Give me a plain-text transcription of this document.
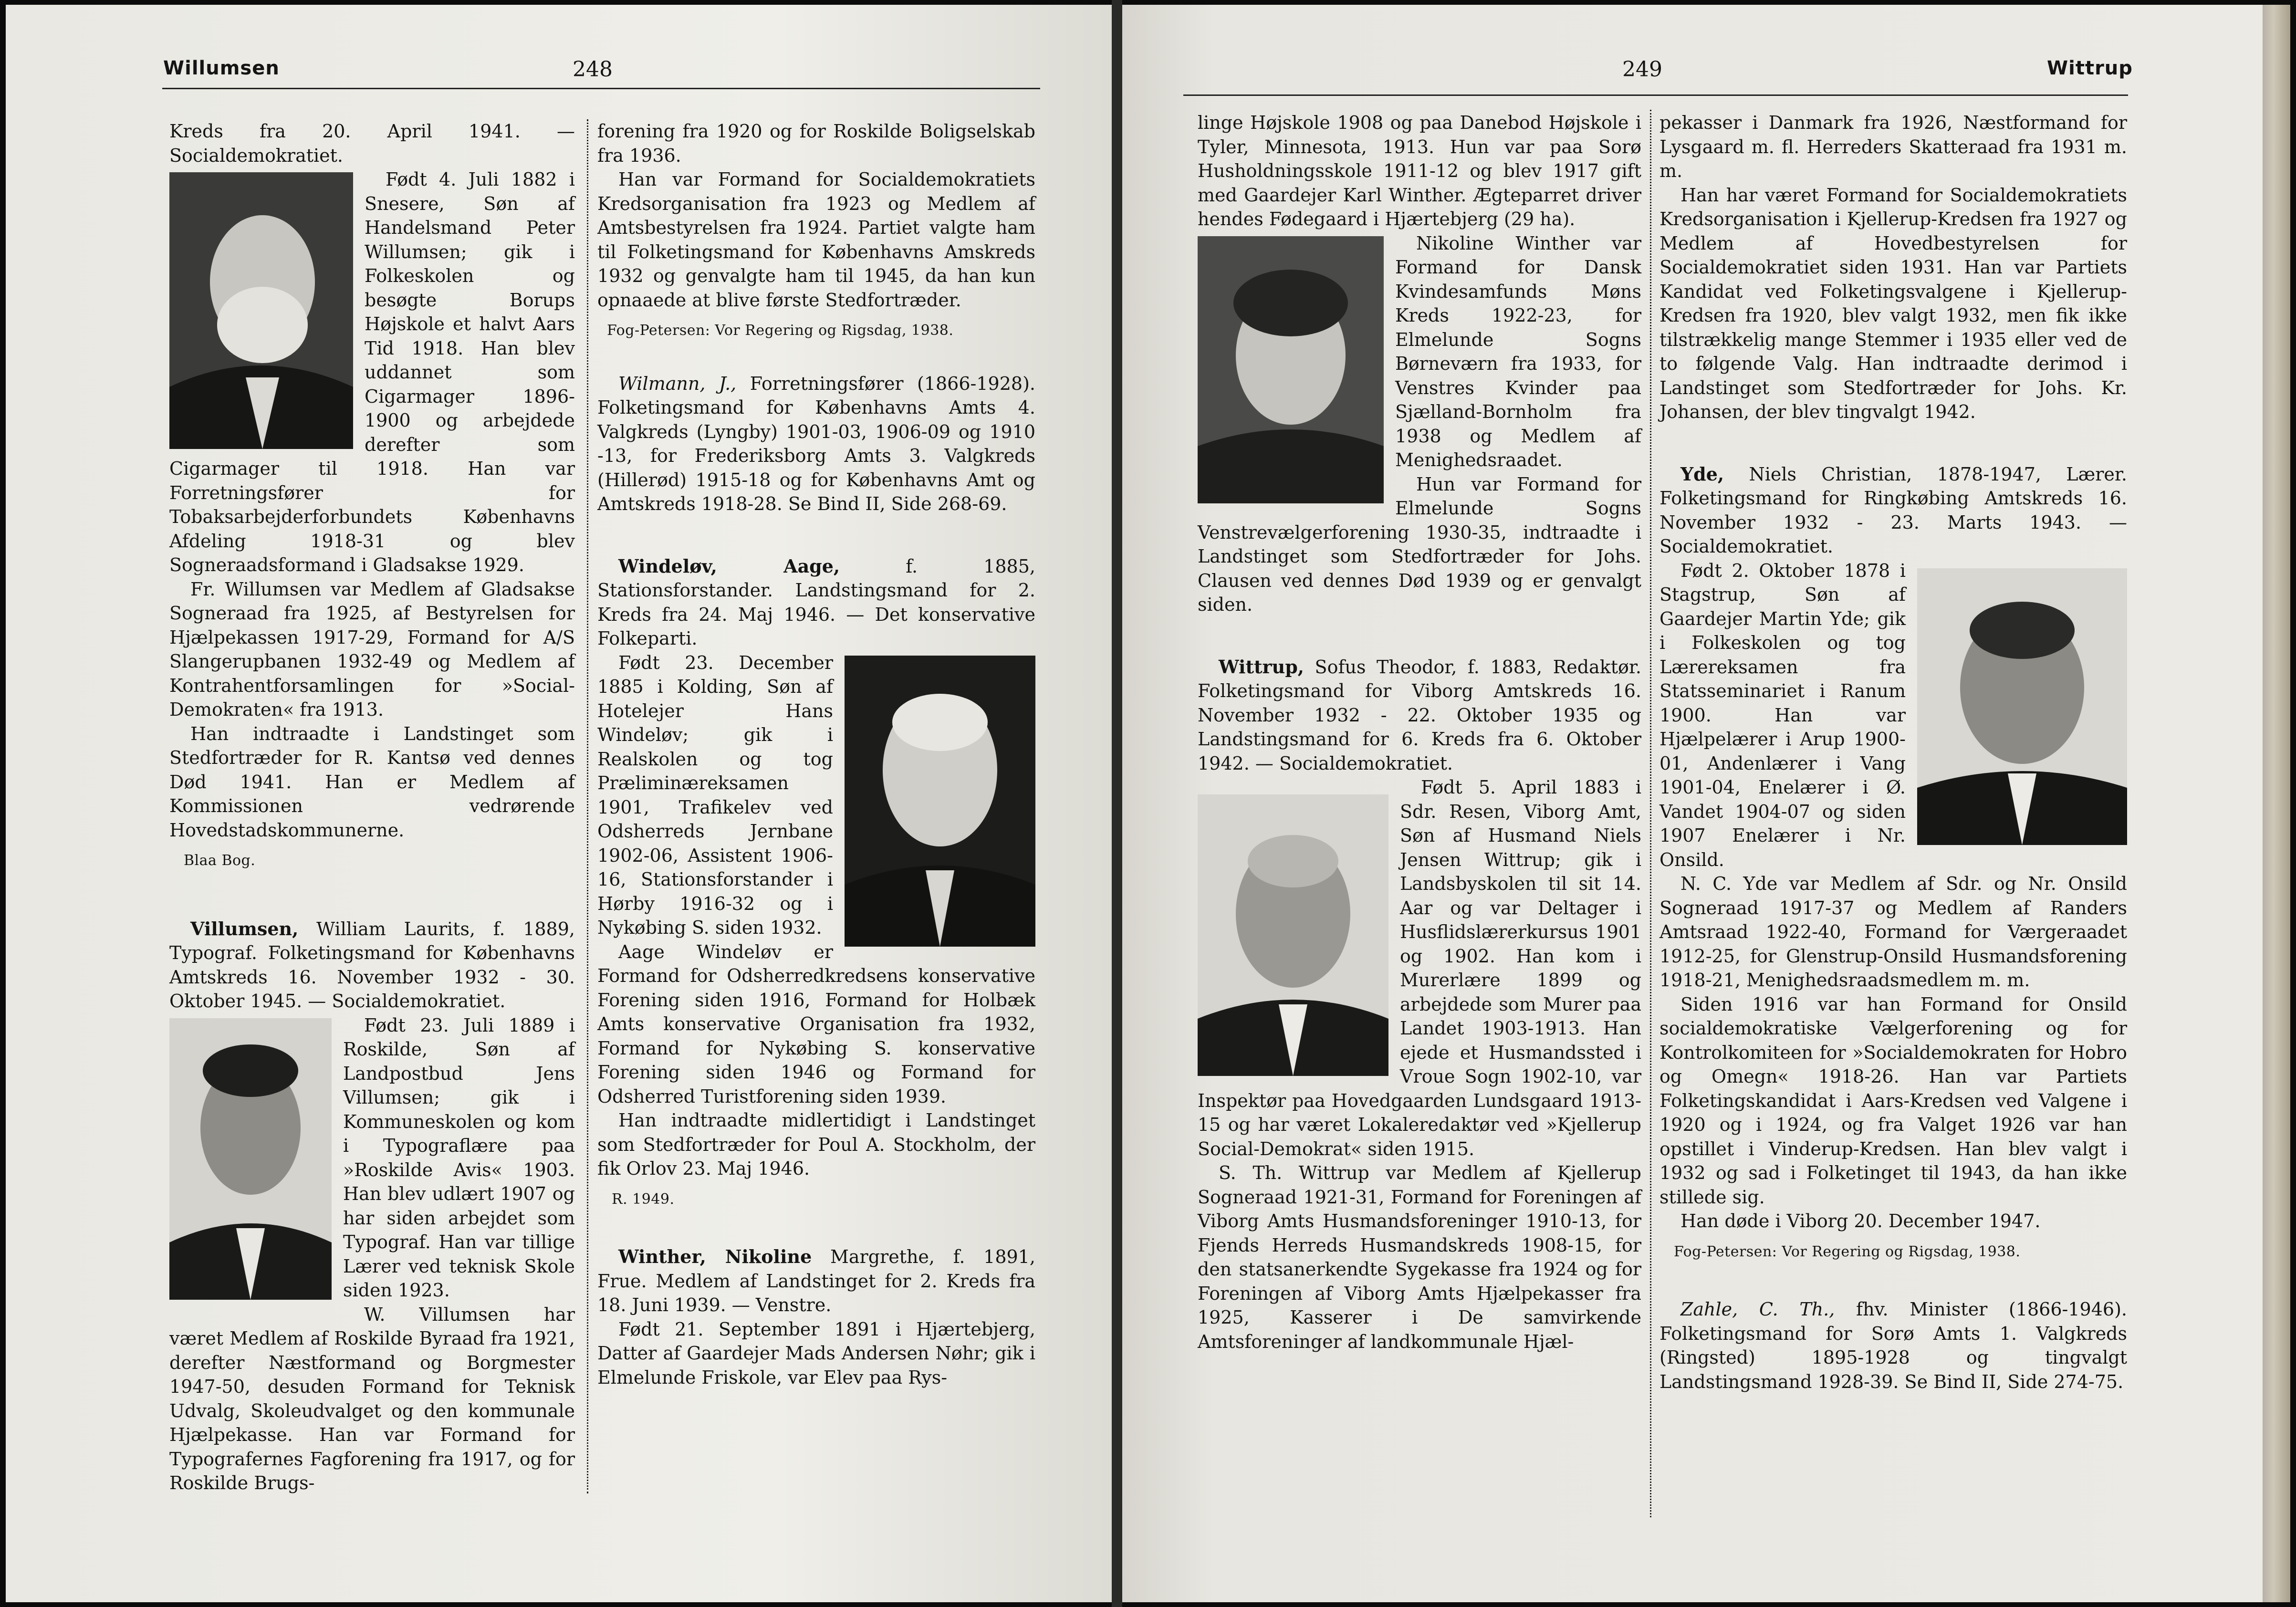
Willumsen	248

Kreds fra 20. April 1941. — Socialdemokratiet.

Født 4. Juli 1882 i Snesere, Søn af Handelsmand Peter Willumsen; gik i Folkeskolen og besøgte Borups Højskole et halvt Aars Tid 1918. Han blev uddannet som Cigarmager 1896-1900 og arbejdede derefter som Cigarmager til 1918. Han var Forretningsfører for Tobaksarbejderforbundets Københavns Afdeling 1918-31 og blev Sogneraadsformand i Gladsakse 1929.

Fr. Willumsen var Medlem af Gladsakse Sogneraad fra 1925, af Bestyrelsen for Hjælpekassen 1917-29, Formand for A/S Slangerupbanen 1932-49 og Medlem af Kontrahentforsamlingen for »Social-Demokraten« fra 1913.

Han indtraadte i Landstinget som Stedfortræder for R. Kantsø ved dennes Død 1941. Han er Medlem af Kommissionen vedrørende Hovedstadskommunerne.

Blaa Bog.

Villumsen, William Laurits, f. 1889, Typograf. Folketingsmand for Københavns Amtskreds 16. November 1932 - 30. Oktober 1945. — Socialdemokratiet.

Født 23. Juli 1889 i Roskilde, Søn af Landpostbud Jens Villumsen; gik i Kommuneskolen og kom i Typograflære paa »Roskilde Avis« 1903. Han blev udlært 1907 og har siden arbejdet som Typograf. Han var tillige Lærer ved teknisk Skole siden 1923.

W. Villumsen har været Medlem af Roskilde Byraad fra 1921, derefter Næstformand og Borgmester 1947-50, desuden Formand for Teknisk Udvalg, Skoleudvalget og den kommunale Hjælpekasse. Han var Formand for Typografernes Fagforening fra 1917, og for Roskilde Brugs-

forening fra 1920 og for Roskilde Boligselskab fra 1936.

Han var Formand for Socialdemokratiets Kredsorganisation fra 1923 og Medlem af Amtsbestyrelsen fra 1924. Partiet valgte ham til Folketingsmand for Københavns Amskreds 1932 og genvalgte ham til 1945, da han kun opnaaede at blive første Stedfortræder.

Fog-Petersen: Vor Regering og Rigsdag, 1938.

Wilmann, J., Forretningsfører (1866-1928). Folketingsmand for Københavns Amts 4. Valgkreds (Lyngby) 1901-03, 1906-09 og 1910 -13, for Frederiksborg Amts 3. Valgkreds (Hillerød) 1915-18 og for Københavns Amt og Amtskreds 1918-28. Se Bind II, Side 268-69.

Windeløv, Aage,	f. 1885, Stationsforstander. Landstingsmand for 2. Kreds fra 24. Maj 1946. — Det konservative Folkeparti.

Født 23. December 1885 i Kolding, Søn af Hotelejer Hans Windeløv; gik i Realskolen og tog Præliminæreksamen 1901, Trafikelev ved Odsherreds Jernbane 1902-06, Assistent 1906-16, Stationsforstander i Hørby 1916-32 og i Nykøbing S. siden 1932.

Aage Windeløv er Formand for Odsherredkredsens konservative Forening siden 1916, Formand for Holbæk Amts konservative Organisation fra 1932, Formand for Nykøbing S. konservative Forening siden 1946 og Formand for Odsherred Turistforening siden 1939.

Han indtraadte midlertidigt i Landstinget som Stedfortræder for Poul A. Stockholm, der fik Orlov 23. Maj 1946.

R. 1949.

Winther, Nikoline Margrethe, f. 1891, Frue. Medlem af Landstinget for 2. Kreds fra 18. Juni 1939. — Venstre.

Født 21. September 1891 i Hjærtebjerg, Datter af Gaardejer Mads Andersen Nøhr; gik i Elmelunde Friskole, var Elev paa Rys-

249	Wittrup

linge Højskole 1908 og paa Danebod Højskole i Tyler, Minnesota, 1913. Hun var paa Sorø Husholdningsskole 1911-12 og blev 1917 gift med Gaardejer Karl Winther. Ægteparret driver hendes Fødegaard i Hjærtebjerg (29 ha).

Nikoline Winther var Formand for Dansk Kvindesamfunds Møns Kreds 1922-23, for Elmelunde Sogns Børneværn fra 1933, for Venstres Kvinder paa Sjælland-Bornholm fra 1938 og Medlem af Menighedsraadet.

Hun var Formand for Elmelunde Sogns Venstrevælgerforening 1930-35, indtraadte i Landstinget som Stedfortræder for Johs. Clausen ved dennes Død 1939 og er genvalgt siden.

Wittrup, Sofus Theodor, f. 1883, Redaktør. Folketingsmand for Viborg Amtskreds 16. November 1932 - 22. Oktober 1935 og Landstingsmand for 6. Kreds fra 6. Oktober 1942. — Socialdemokratiet.

Født 5. April 1883 i Sdr. Resen, Viborg Amt, Søn af Husmand Niels Jensen Wittrup; gik i Landsbyskolen til sit 14. Aar og var Deltager i Husflidslærerkursus 1901 og 1902. Han kom i Murerlære 1899 og arbejdede som Murer paa Landet 1903-1913. Han ejede et Husmandssted i Vroue Sogn 1902-10, var Inspektør paa Hovedgaarden Lundsgaard 1913-15 og har været Lokaleredaktør ved »Kjellerup Social-Demokrat« siden 1915.

S. Th. Wittrup var Medlem af Kjellerup Sogneraad 1921-31, Formand for Foreningen af Viborg Amts Husmandsforeninger 1910-13, for Fjends Herreds Husmandskreds 1908-15, for den statsanerkendte Sygekasse fra 1924 og for Foreningen af Viborg Amts Hjælpekasser fra 1925, Kasserer i De samvirkende Amtsforeninger af landkommunale Hjæl-

pekasser i Danmark fra 1926, Næstformand for Lysgaard m. fl. Herreders Skatteraad fra 1931 m. m.

Han har været Formand for Socialdemokratiets Kredsorganisation i Kjellerup-Kredsen fra 1927 og Medlem af Hovedbestyrelsen for Socialdemokratiet siden 1931. Han var Partiets Kandidat ved Folketingsvalgene i Kjellerup-Kredsen fra 1920, blev valgt 1932, men fik ikke tilstrækkelig mange Stemmer i 1935 eller ved de to følgende Valg. Han indtraadte derimod i Landstinget som Stedfortræder for Johs. Kr. Johansen, der blev tingvalgt 1942.

Yde, Niels Christian, 1878-1947, Lærer. Folketingsmand for Ringkøbing Amtskreds 16. November 1932 - 23. Marts 1943. — Socialdemokratiet.

Født 2. Oktober 1878 i Stagstrup, Søn af Gaardejer Martin Yde; gik i Folkeskolen og tog Lærereksamen fra Statsseminariet i Ranum 1900. Han var Hjælpelærer i Arup 1900-01, Andenlærer i Vang 1901-04, Enelærer i Ø. Vandet 1904-07 og siden 1907 Enelærer i Nr. Onsild.

N. C. Yde var Medlem af Sdr. og Nr. Onsild Sogneraad 1917-37 og Medlem af Randers Amtsraad 1922-40, Formand for Værgeraadet 1912-25, for Glenstrup-Onsild Husmandsforening 1918-21, Menighedsraadsmedlem m. m.

Siden 1916 var han Formand for Onsild socialdemokratiske Vælgerforening og for Kontrolkomiteen for »Socialdemokraten for Hobro og Omegn« 1918-26. Han var Partiets Folketingskandidat i Aars-Kredsen ved Valgene i 1920 og i 1924, og fra Valget 1926 var han opstillet i Vinderup-Kredsen. Han blev valgt i 1932 og sad i Folketinget til 1943, da han ikke stillede sig.

Han døde i Viborg 20. December 1947.

Fog-Petersen: Vor Regering og Rigsdag, 1938.

Zahle, C. Th., fhv. Minister (1866-1946). Folketingsmand for Sorø Amts 1. Valgkreds (Ringsted) 1895-1928 og tingvalgt Landstingsmand 1928-39. Se Bind II, Side 274-75.
